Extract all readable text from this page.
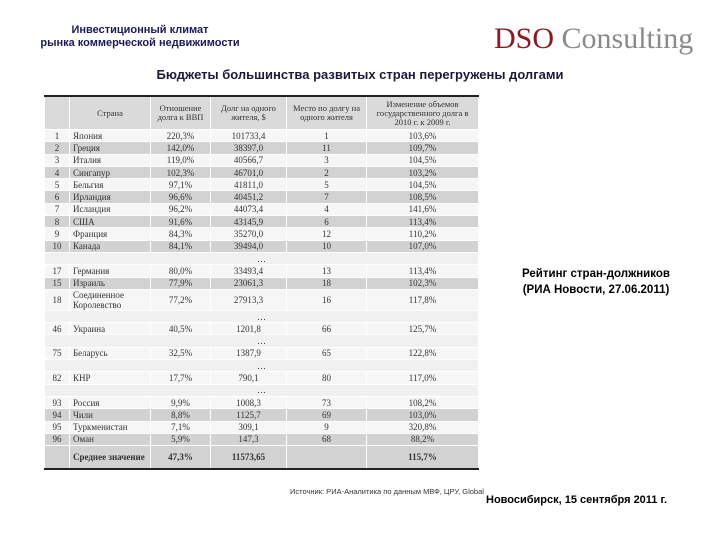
Инвестиционный климат
рынка коммерческой недвижимости	DSO Consulting
Бюджеты большинства развитых стран перегружены долгами
	Страна	Отношение долга к ВВП	Долг на одного жителя, $	Место по долгу на одного жителя	Изменение объемов государственного долга в 2010 г. к 2009 г.
1	Япония	220,3%	101733,4	1	103,6%
2	Греция	142,0%	38397,0	11	109,7%
3	Италия	119,0%	40566,7	3	104,5%
4	Сингапур	102,3%	46701,0	2	103,2%
5	Бельгия	97,1%	41811,0	5	104,5%
6	Ирландия	96,6%	40451,2	7	108,5%
7	Исландия	96,2%	44073,4	4	141,6%
8	США	91,6%	43145,9	6	113,4%
9	Франция	84,3%	35270,0	12	110,2%
10	Канада	84,1%	39494,0	10	107,0%
…					
17	Германия	80,0%	33493,4	13	113,4%
15	Израиль	77,9%	23061,3	18	102,3%
18	Соединенное Королевство	77,2%	27913,3	16	117,8%
…					
46	Украина	40,5%	1201,8	66	125,7%
…					
75	Беларусь	32,5%	1387,9	65	122,8%
…					
82	КНР	17,7%	790,1	80	117,0%
…					
93	Россия	9,9%	1008,3	73	108,2%
94	Чили	8,8%	1125,7	69	103,0%
95	Туркменистан	7,1%	309,1	9	320,8%
96	Оман	5,9%	147,3	68	88,2%
	Среднее значение	47,3%	11573,65		115,7%
Источник: РИА-Аналитика по данным МВФ, ЦРУ, Global
Рейтинг стран-должников
(РИА Новости, 27.06.2011)
Новосибирск, 15 сентября 2011 г.
